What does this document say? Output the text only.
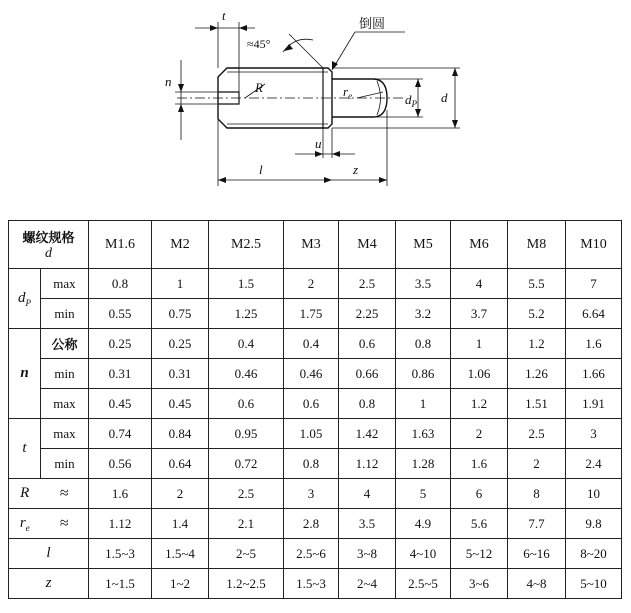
t
≈45°
倒圆
n	R	$r_e$	$d_P$ d
u
l	z
螺纹规格
d		M1.6	M2	M2.5	M3	M4	M5	M6	M8	M10
$d_P$	max	0.8	1	1.5	2	2.5	3.5	4	5.5	7
	min	0.55	0.75	1.25	1.75	2.25	3.2	3.7	5.2	6.64
n	公称	0.25	0.25	0.4	0.4	0.6	0.8	1	1.2	1.6
	min	0.31	0.31	0.46	0.46	0.66	0.86	1.06	1.26	1.66
	max	0.45	0.45	0.6	0.6	0.8	1	1.2	1.51	1.91
t	max	0.74	0.84	0.95	1.05	1.42	1.63	2	2.5	3
	min	0.56	0.64	0.72	0.8	1.12	1.28	1.6	2	2.4
R	≈	1.6	2	2.5	3	4	5	6	8	10
$r_e$	≈	1.12	1.4	2.1	2.8	3.5	4.9	5.6	7.7	9.8
l		1.5~3	1.5~4	2~5	2.5~6	3~8	4~10	5~12	6~16	8~20
z		1~1.5	1~2	1.2~2.5	1.5~3	2~4	2.5~5	3~6	4~8	5~10
